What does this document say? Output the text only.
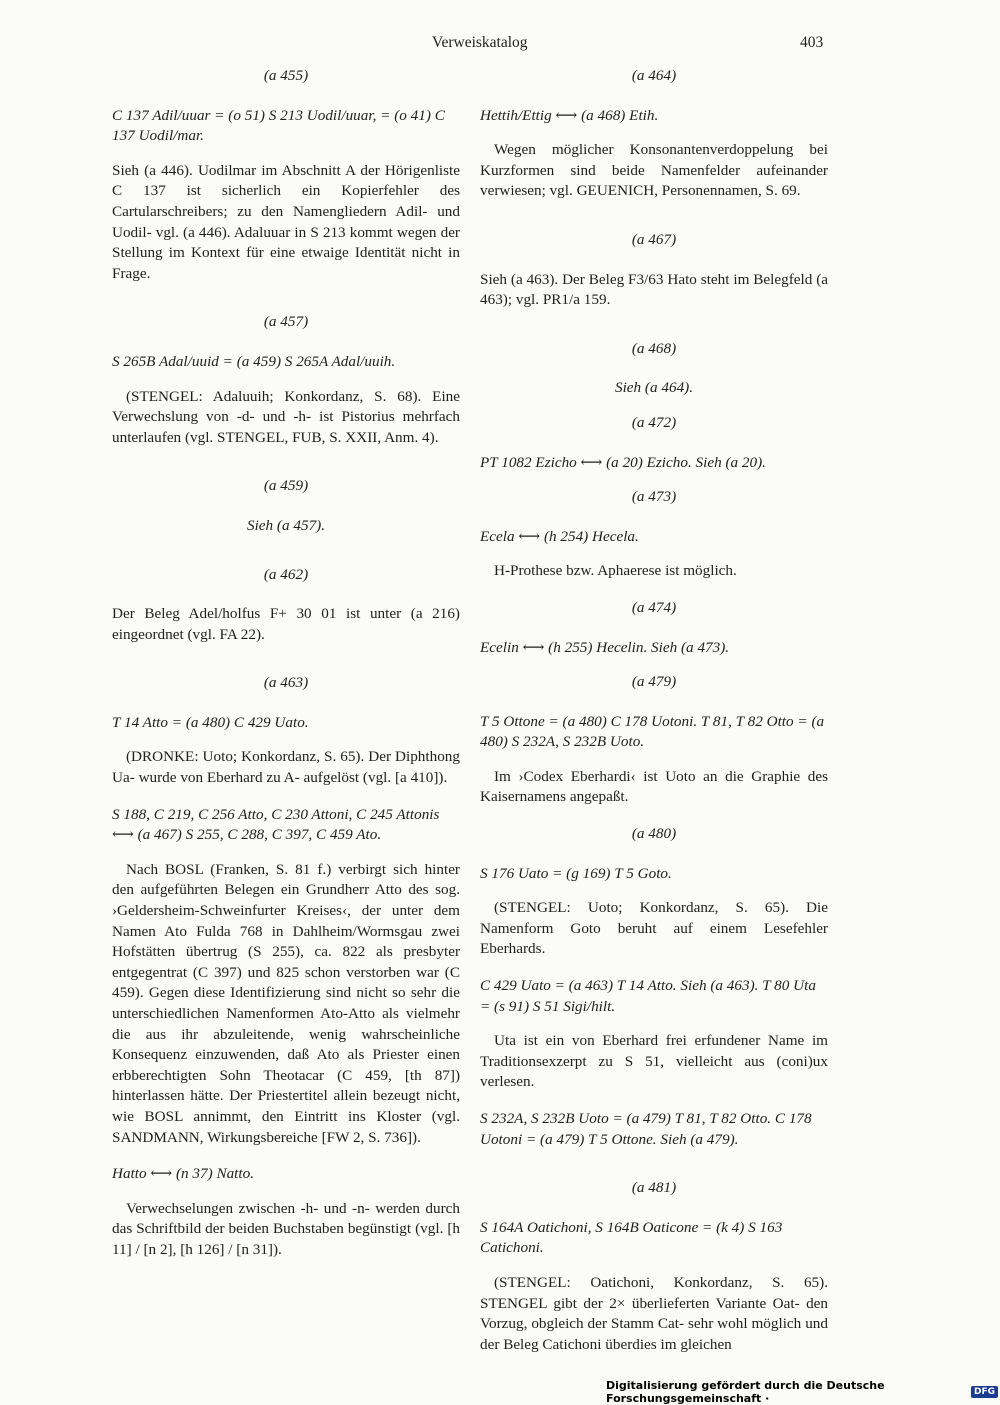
Verweiskatalog	403
(a 455)
C 137 Adil/uuar = (o 51) S 213 Uodil/uuar, = (o 41) C 137 Uodil/mar.
Sieh (a 446). Uodilmar im Abschnitt A der Hörigenliste C 137 ist sicherlich ein Kopierfehler des Cartularschreibers; zu den Namengliedern Adil- und Uodil- vgl. (a 446). Adaluuar in S 213 kommt wegen der Stellung im Kontext für eine etwaige Identität nicht in Frage.
(a 457)
S 265B Adal/uuid = (a 459) S 265A Adal/uuih.
(STENGEL: Adaluuih; Konkordanz, S. 68). Eine Verwechslung von -d- und -h- ist Pistorius mehrfach unterlaufen (vgl. STENGEL, FUB, S. XXII, Anm. 4).
(a 459)
Sieh (a 457).
(a 462)
Der Beleg Adel/holfus F+ 30 01 ist unter (a 216) eingeordnet (vgl. FA 22).
(a 463)
T 14 Atto = (a 480) C 429 Uato.
(DRONKE: Uoto; Konkordanz, S. 65). Der Diphthong Ua- wurde von Eberhard zu A- aufgelöst (vgl. [a 410]).
S 188, C 219, C 256 Atto, C 230 Attoni, C 245 Attonis ⟷ (a 467) S 255, C 288, C 397, C 459 Ato.
Nach BOSL (Franken, S. 81 f.) verbirgt sich hinter den aufgeführten Belegen ein Grundherr Atto des sog. ›Geldersheim-Schweinfurter Kreises‹, der unter dem Namen Ato Fulda 768 in Dahlheim/Wormsgau zwei Hofstätten übertrug (S 255), ca. 822 als presbyter entgegentrat (C 397) und 825 schon verstorben war (C 459). Gegen diese Identifizierung sind nicht so sehr die unterschiedlichen Namenformen Ato-Atto als vielmehr die aus ihr abzuleitende, wenig wahrscheinliche Konsequenz einzuwenden, daß Ato als Priester einen erbberechtigten Sohn Theotacar (C 459, [th 87]) hinterlassen hätte. Der Priestertitel allein bezeugt nicht, wie BOSL annimmt, den Eintritt ins Kloster (vgl. SANDMANN, Wirkungsbereiche [FW 2, S. 736]).
Hatto ⟷ (n 37) Natto.
Verwechselungen zwischen -h- und -n- werden durch das Schriftbild der beiden Buchstaben begünstigt (vgl. [h 11] / [n 2], [h 126] / [n 31]).
(a 464)
Hettih/Ettig ⟷ (a 468) Etih.
Wegen möglicher Konsonantenverdoppelung bei Kurzformen sind beide Namenfelder aufeinander verwiesen; vgl. GEUENICH, Personennamen, S. 69.
(a 467)
Sieh (a 463). Der Beleg F3/63 Hato steht im Belegfeld (a 463); vgl. PR1/a 159.
(a 468)
Sieh (a 464).
(a 472)
PT 1082 Ezicho ⟷ (a 20) Ezicho. Sieh (a 20).
(a 473)
Ecela ⟷ (h 254) Hecela.
H-Prothese bzw. Aphaerese ist möglich.
(a 474)
Ecelin ⟷ (h 255) Hecelin. Sieh (a 473).
(a 479)
T 5 Ottone = (a 480) C 178 Uotoni. T 81, T 82 Otto = (a 480) S 232A, S 232B Uoto.
Im ›Codex Eberhardi‹ ist Uoto an die Graphie des Kaisernamens angepaßt.
(a 480)
S 176 Uato = (g 169) T 5 Goto.
(STENGEL: Uoto; Konkordanz, S. 65). Die Namenform Goto beruht auf einem Lesefehler Eberhards.
C 429 Uato = (a 463) T 14 Atto. Sieh (a 463). T 80 Uta = (s 91) S 51 Sigi/hilt.
Uta ist ein von Eberhard frei erfundener Name im Traditionsexzerpt zu S 51, vielleicht aus (coni)ux verlesen.
S 232A, S 232B Uoto = (a 479) T 81, T 82 Otto. C 178 Uotoni = (a 479) T 5 Ottone. Sieh (a 479).
(a 481)
S 164A Oatichoni, S 164B Oaticone = (k 4) S 163 Catichoni.
(STENGEL: Oatichoni, Konkordanz, S. 65). STENGEL gibt der 2× überlieferten Variante Oat- den Vorzug, obgleich der Stamm Cat- sehr wohl möglich und der Beleg Catichoni überdies im gleichen
Digitalisierung gefördert durch die Deutsche Forschungsgemeinschaft ·	DFG
